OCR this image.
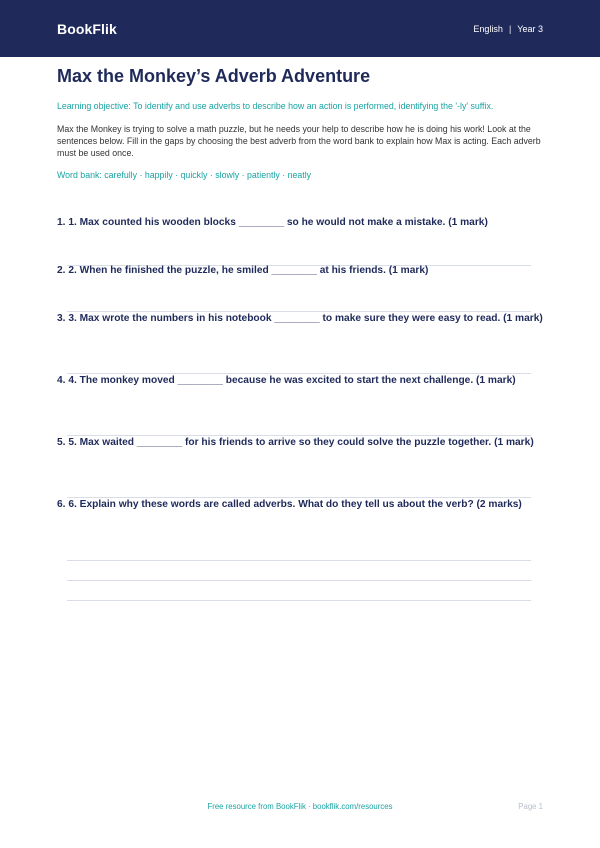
BookFlik	English | Year 3
Max the Monkey’s Adverb Adventure
Learning objective: To identify and use adverbs to describe how an action is performed, identifying the '-ly' suffix.
Max the Monkey is trying to solve a math puzzle, but he needs your help to describe how he is doing his work! Look at the sentences below. Fill in the gaps by choosing the best adverb from the word bank to explain how Max is acting. Each adverb must be used once.
Word bank: carefully · happily · quickly · slowly · patiently · neatly
1. 1. Max counted his wooden blocks ________ so he would not make a mistake. (1 mark)
2. 2. When he finished the puzzle, he smiled ________ at his friends. (1 mark)
3. 3. Max wrote the numbers in his notebook ________ to make sure they were easy to read. (1 mark)
4. 4. The monkey moved ________ because he was excited to start the next challenge. (1 mark)
5. 5. Max waited ________ for his friends to arrive so they could solve the puzzle together. (1 mark)
6. 6. Explain why these words are called adverbs. What do they tell us about the verb? (2 marks)
Free resource from BookFlik · bookflik.com/resources	Page 1
